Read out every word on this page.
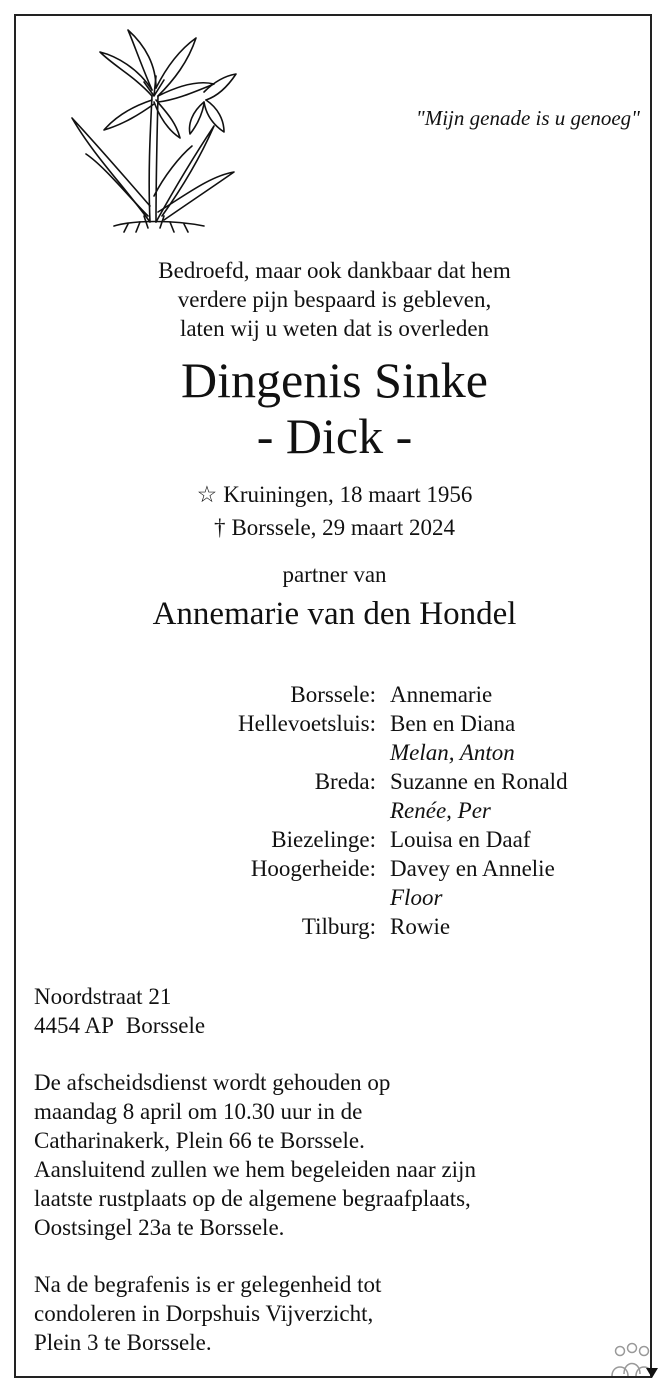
"Mijn genade is u genoeg"
Bedroefd, maar ook dankbaar dat hem
verdere pijn bespaard is gebleven,
laten wij u weten dat is overleden
Dingenis Sinke
- Dick -
☆ Kruiningen, 18 maart 1956
† Borssele, 29 maart 2024
partner van
Annemarie van den Hondel
Borssele: Annemarie
Hellevoetsluis: Ben en Diana
Melan, Anton
Breda: Suzanne en Ronald
Renée, Per
Biezelinge: Louisa en Daaf
Hoogerheide: Davey en Annelie
Floor
Tilburg: Rowie
Noordstraat 21
4454 AP Borssele
De afscheidsdienst wordt gehouden op
maandag 8 april om 10.30 uur in de
Catharinakerk, Plein 66 te Borssele.
Aansluitend zullen we hem begeleiden naar zijn
laatste rustplaats op de algemene begraafplaats,
Oostsingel 23a te Borssele.
Na de begrafenis is er gelegenheid tot
condoleren in Dorpshuis Vijverzicht,
Plein 3 te Borssele.
